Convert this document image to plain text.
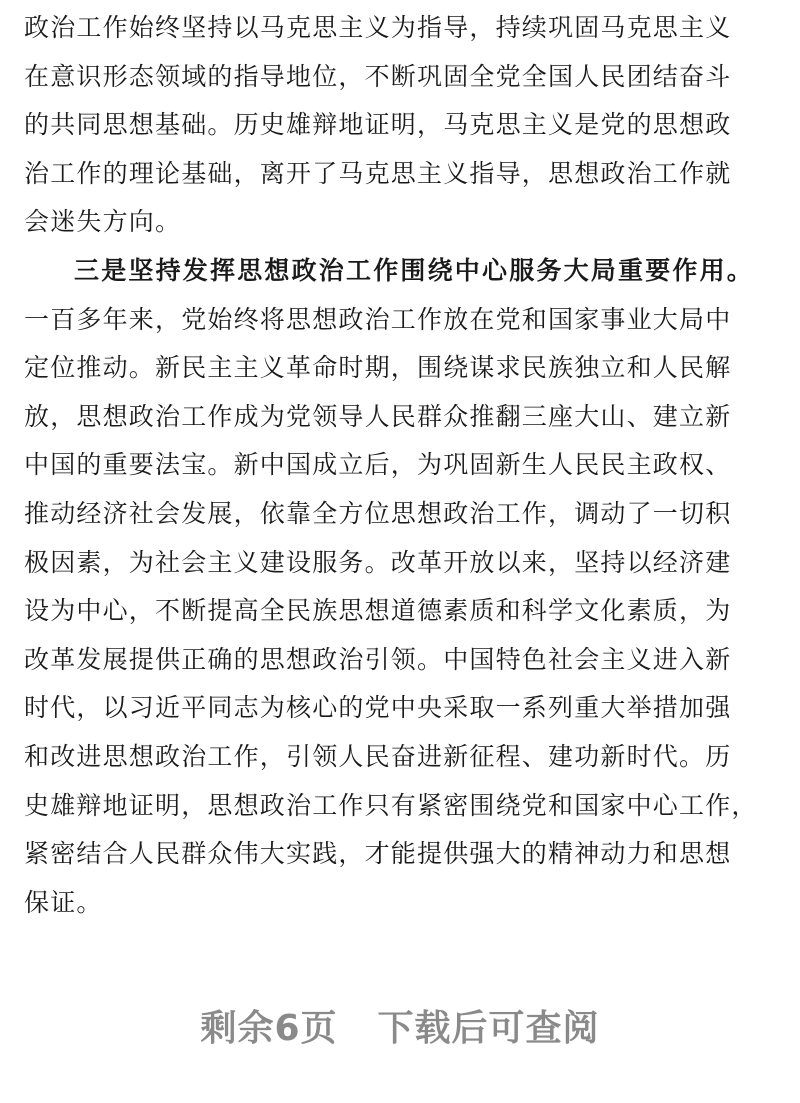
政治工作始终坚持以马克思主义为指导，持续巩固马克思主义
在意识形态领域的指导地位，不断巩固全党全国人民团结奋斗
的共同思想基础。历史雄辩地证明，马克思主义是党的思想政
治工作的理论基础，离开了马克思主义指导，思想政治工作就
会迷失方向。
三是坚持发挥思想政治工作围绕中心服务大局重要作用。
一百多年来，党始终将思想政治工作放在党和国家事业大局中
定位推动。新民主主义革命时期，围绕谋求民族独立和人民解
放，思想政治工作成为党领导人民群众推翻三座大山、建立新
中国的重要法宝。新中国成立后，为巩固新生人民民主政权、
推动经济社会发展，依靠全方位思想政治工作，调动了一切积
极因素，为社会主义建设服务。改革开放以来，坚持以经济建
设为中心，不断提高全民族思想道德素质和科学文化素质，为
改革发展提供正确的思想政治引领。中国特色社会主义进入新
时代，以习近平同志为核心的党中央采取一系列重大举措加强
和改进思想政治工作，引领人民奋进新征程、建功新时代。历
史雄辩地证明，思想政治工作只有紧密围绕党和国家中心工作，
紧密结合人民群众伟大实践，才能提供强大的精神动力和思想
保证。
剩余6页 下载后可查阅
